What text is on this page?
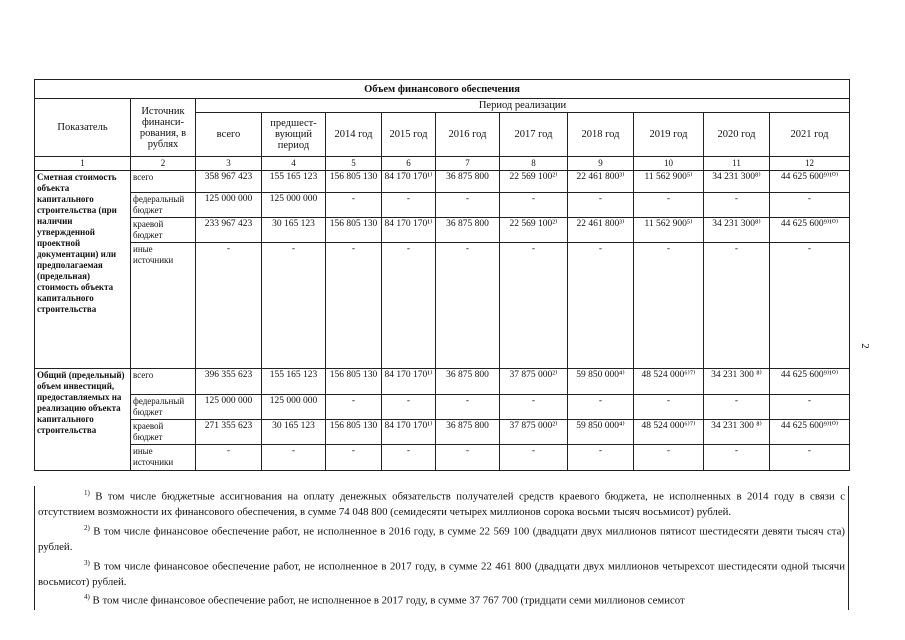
Объем финансового обеспечения											
Показатель	Источник финанси-рования, в рублях	Период реализации									
		всего	предшест-вующий период	2014 год	2015 год	2016 год	2017 год	2018 год	2019 год	2020 год	2021 год
1	2	3	4	5	6	7	8	9	10	11	12
Сметная стоимость объекта капитального строительства (при наличии утвержденной проектной документации) или предполагаемая (предельная) стоимость объекта капитального строительства	всего	358 967 423	155 165 123	156 805 130	84 170 170¹⁾	36 875 800	22 569 100²⁾	22 461 800³⁾	11 562 900⁵⁾	34 231 300⁸⁾	44 625 600⁹⁾¹⁰⁾
	федеральный бюджет	125 000 000	125 000 000	-	-	-	-	-	-	-	-
	краевой бюджет	233 967 423	30 165 123	156 805 130	84 170 170¹⁾	36 875 800	22 569 100²⁾	22 461 800³⁾	11 562 900⁵⁾	34 231 300⁸⁾	44 625 600⁹⁾¹⁰⁾
	иные источники	-	-	-	-	-	-	-	-	-	-
Общий (предельный) объем инвестиций, предоставляемых на реализацию объекта капитального строительства	всего	396 355 623	155 165 123	156 805 130	84 170 170¹⁾	36 875 800	37 875 000²⁾	59 850 000⁴⁾	48 524 000⁶⁾⁷⁾	34 231 300 ⁸⁾	44 625 600⁹⁾¹⁰⁾
	федеральный бюджет	125 000 000	125 000 000	-	-	-	-	-	-	-	-
	краевой бюджет	271 355 623	30 165 123	156 805 130	84 170 170¹⁾	36 875 800	37 875 000²⁾	59 850 000⁴⁾	48 524 000⁶⁾⁷⁾	34 231 300 ⁸⁾	44 625 600⁹⁾¹⁰⁾
	иные источники	-	-	-	-	-	-	-	-	-	-

$^{1)}$ В том числе бюджетные ассигнования на оплату денежных обязательств получателей средств краевого бюджета, не исполненных в 2014 году в связи с отсутствием возможности их финансового обеспечения, в сумме 74 048 800 (семидесяти четырех миллионов сорока восьми тысяч восьмисот) рублей.

$^{2)}$ В том числе финансовое обеспечение работ, не исполненное в 2016 году, в сумме 22 569 100 (двадцати двух миллионов пятисот шестидесяти девяти тысяч ста) рублей.

$^{3)}$ В том числе финансовое обеспечение работ, не исполненное в 2017 году, в сумме 22 461 800 (двадцати двух миллионов четырехсот шестидесяти одной тысячи восьмисот) рублей.

$^{4)}$ В том числе финансовое обеспечение работ, не исполненное в 2017 году, в сумме 37 767 700 (тридцати семи миллионов семисот

2
